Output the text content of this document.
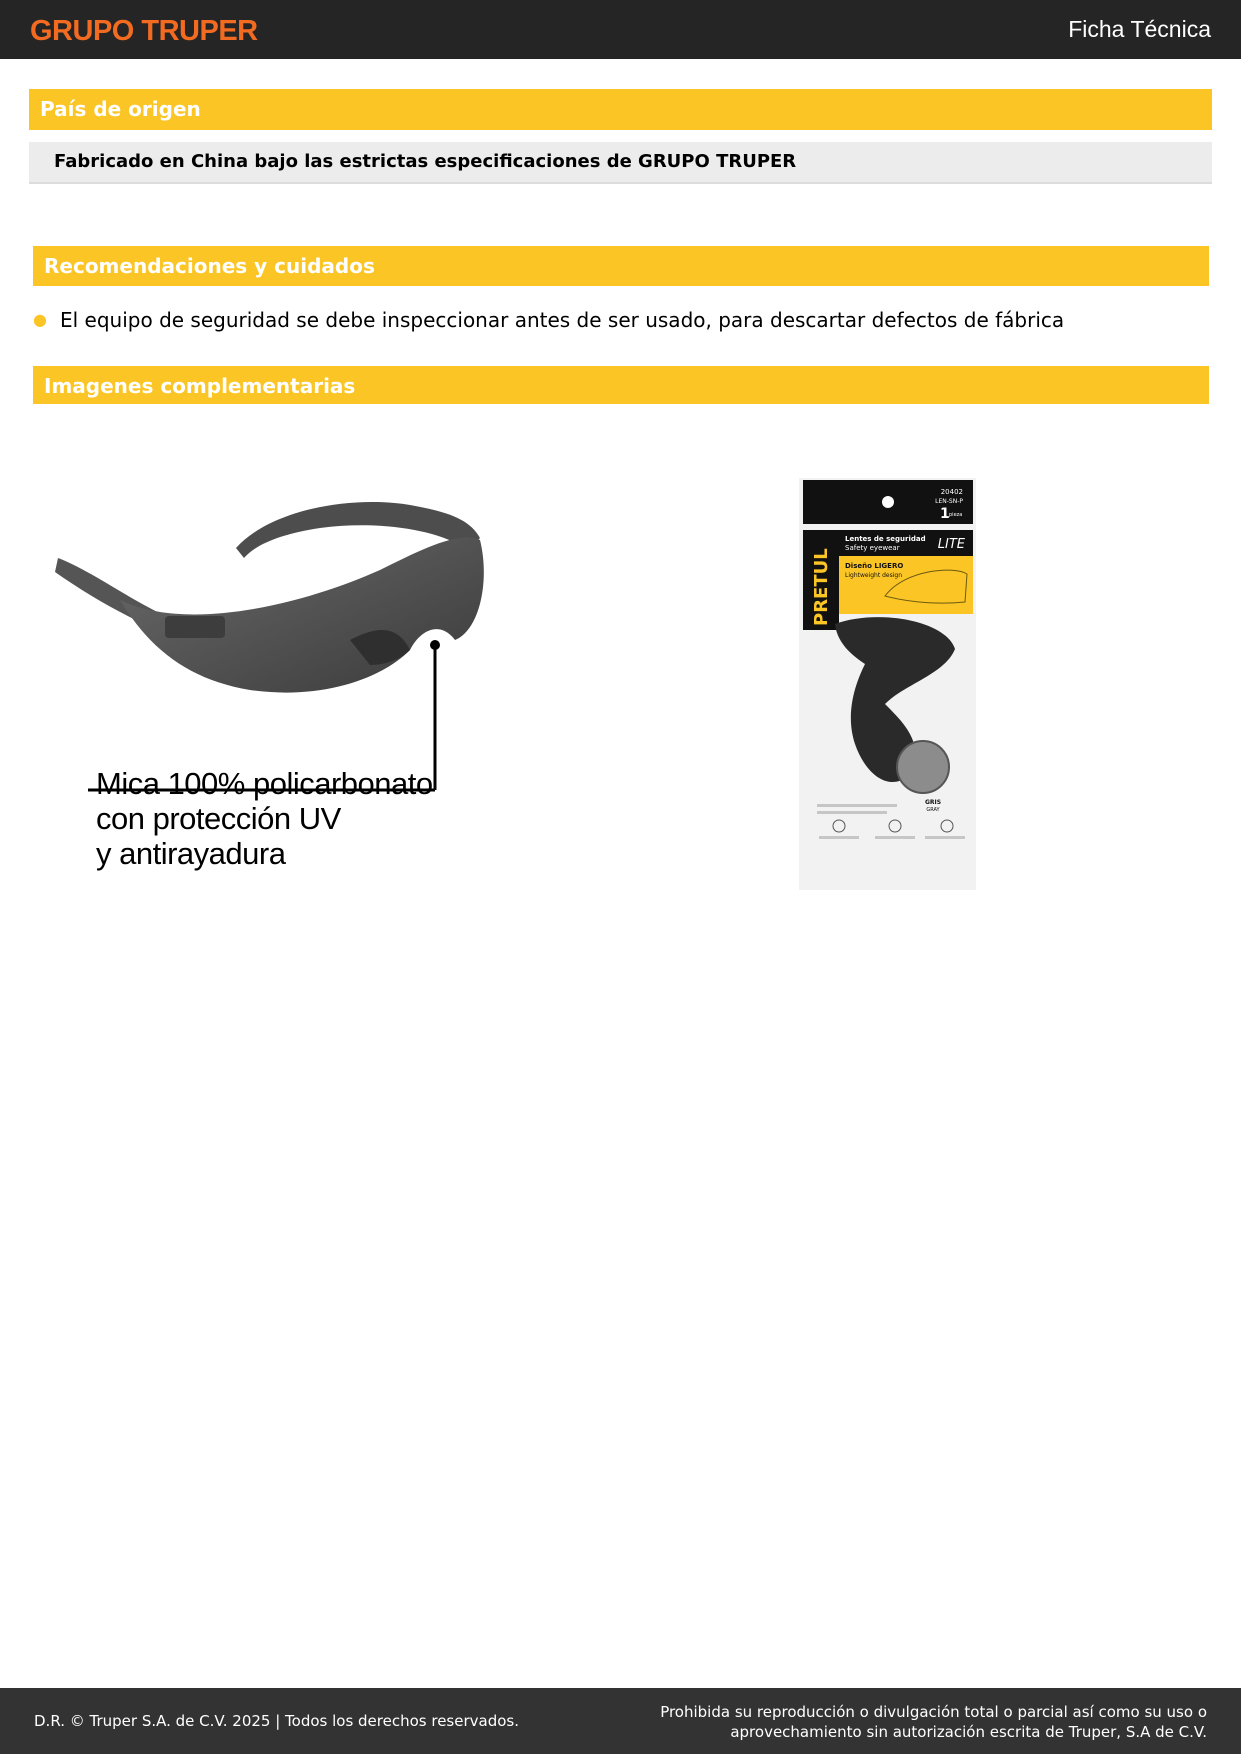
GRUPO TRUPER	Ficha Técnica
País de origen
Fabricado en China bajo las estrictas especificaciones de GRUPO TRUPER
Recomendaciones y cuidados
● El equipo de seguridad se debe inspeccionar antes de ser usado, para descartar defectos de fábrica
Imagenes complementarias
Mica 100% policarbonato
con protección UV
y antirayadura
20402
LEN-SN-P
1 pieza
PRETUL
Lentes de seguridad
Safety eyewear	LITE
Diseño LIGERO
Lightweight design
GRIS
GRAY
D.R. © Truper S.A. de C.V. 2025 | Todos los derechos reservados.	Prohibida su reproducción o divulgación total o parcial así como su uso o
aprovechamiento sin autorización escrita de Truper, S.A de C.V.
